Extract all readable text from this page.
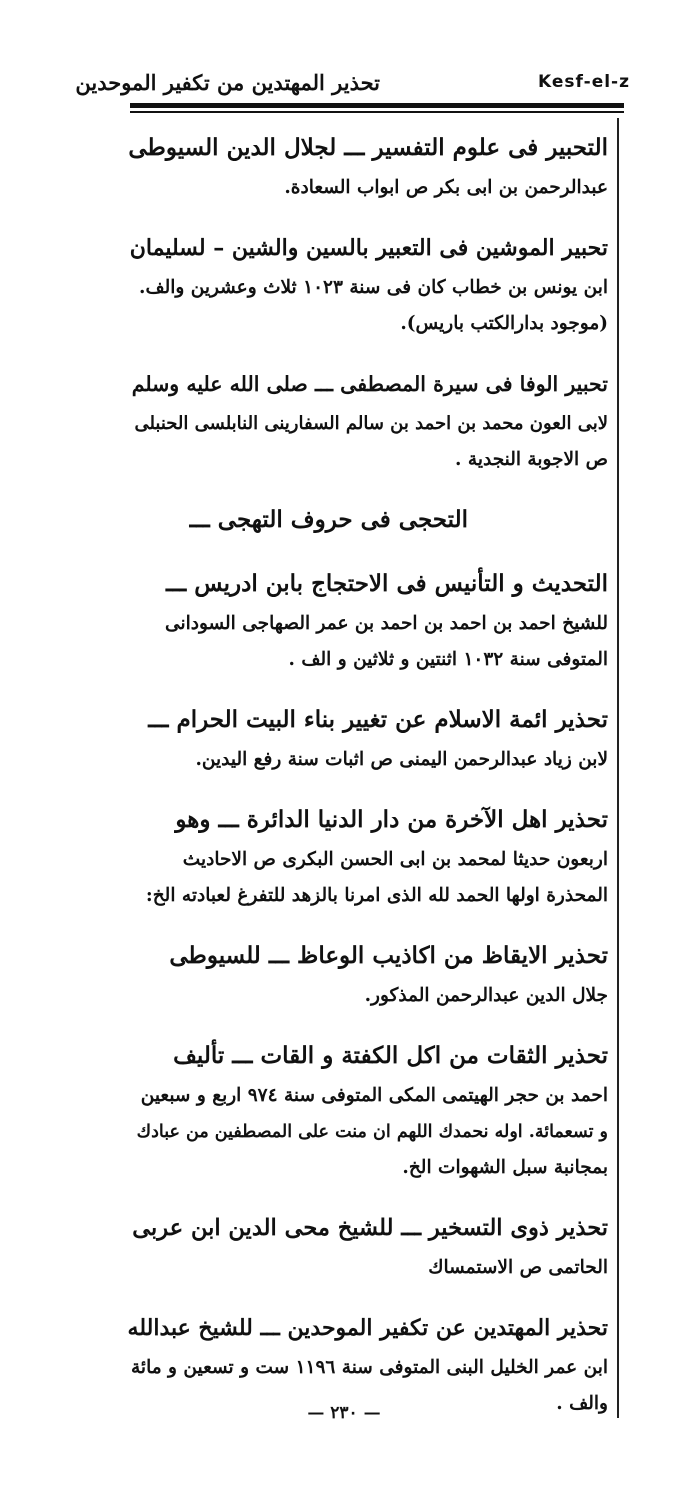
تحذير المهتدين من تكفير الموحدين	Kesf-el-z
التحبير فى علوم التفسير ـــ لجلال الدين السيوطى
عبدالرحمن بن ابى بكر ص ابواب السعادة.
تحبير الموشين فى التعبير بالسين والشين – لسليمان
ابن يونس بن خطاب كان فى سنة ١٠٢٣ ثلاث وعشرين والف.
(موجود بدارالكتب باريس).
تحبير الوفا فى سيرة المصطفى ـــ صلى الله عليه وسلم
لابى العون محمد بن احمد بن سالم السفارينى النابلسى الحنبلى
ص الاجوبة النجدية .
التحجى فى حروف التهجى ـــ
التحديث و التأنيس فى الاحتجاج بابن ادريس ـــ
للشيخ احمد بن احمد بن احمد بن عمر الصهاجى السودانى
المتوفى سنة ١٠٣٢ اثنتين و ثلاثين و الف .
تحذير ائمة الاسلام عن تغيير بناء البيت الحرام ـــ
لابن زياد عبدالرحمن اليمنى ص اثبات سنة رفع اليدين.
تحذير اهل الآخرة من دار الدنيا الدائرة ـــ وهو
اربعون حديثا لمحمد بن ابى الحسن البكرى ص الاحاديث
المحذرة اولها الحمد لله الذى امرنا بالزهد للتفرغ لعبادته الخ:
تحذير الايقاظ من اكاذيب الوعاظ ـــ للسيوطى
جلال الدين عبدالرحمن المذكور.
تحذير الثقات من اكل الكفتة و القات ـــ تأليف
احمد بن حجر الهيتمى المكى المتوفى سنة ٩٧٤ اربع و سبعين
و تسعمائة. اوله نحمدك اللهم ان منت على المصطفين من عبادك
بمجانبة سبل الشهوات الخ.
تحذير ذوى التسخير ـــ للشيخ محى الدين ابن عربى
الحاتمى ص الاستمساك
تحذير المهتدين عن تكفير الموحدين ـــ للشيخ عبدالله
ابن عمر الخليل البنى المتوفى سنة ١١٩٦ ست و تسعين و مائة
والف .
— ٢٣٠ —
